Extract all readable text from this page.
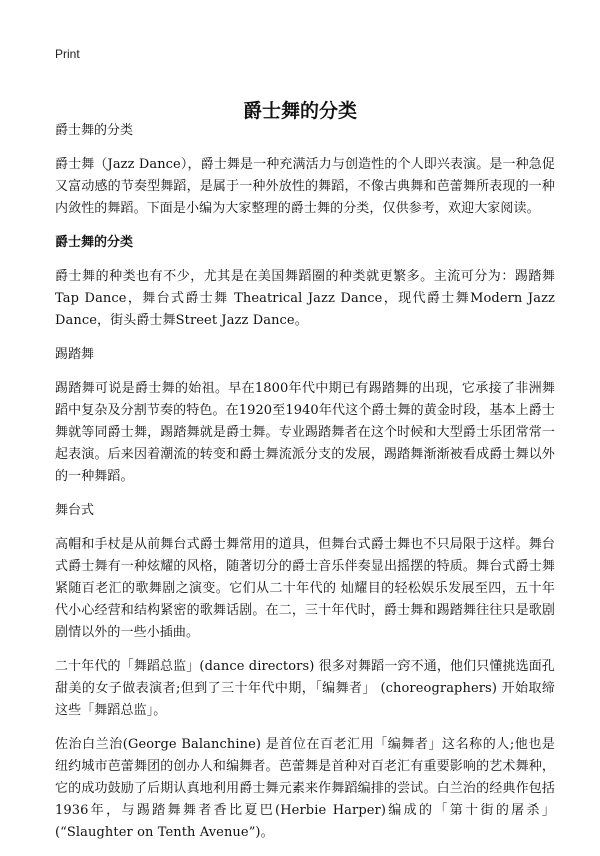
Print
爵士舞的分类
爵士舞的分类

爵士舞（Jazz Dance），爵士舞是一种充满活力与创造性的个人即兴表演。是一种急促又富动感的节奏型舞蹈，是属于一种外放性的舞蹈，不像古典舞和芭蕾舞所表现的一种内敛性的舞蹈。下面是小编为大家整理的爵士舞的分类，仅供参考，欢迎大家阅读。

爵士舞的分类

爵士舞的种类也有不少，尤其是在美国舞蹈圈的种类就更繁多。主流可分为：踢踏舞 Tap Dance，舞台式爵士舞 Theatrical Jazz Dance，现代爵士舞Modern Jazz Dance，街头爵士舞Street Jazz Dance。

踢踏舞

踢踏舞可说是爵士舞的始祖。早在1800年代中期已有踢踏舞的出现，它承接了非洲舞蹈中复杂及分割节奏的特色。在1920至1940年代这个爵士舞的黄金时段，基本上爵士舞就等同爵士舞，踢踏舞就是爵士舞。专业踢踏舞者在这个时候和大型爵士乐团常常一起表演。后来因着潮流的转变和爵士舞流派分支的发展，踢踏舞渐渐被看成爵士舞以外的一种舞蹈。

舞台式

高帽和手杖是从前舞台式爵士舞常用的道具，但舞台式爵士舞也不只局限于这样。舞台式爵士舞有一种炫耀的风格，随著切分的爵士音乐伴奏显出摇摆的特质。舞台式爵士舞紧随百老汇的歌舞剧之演变。它们从二十年代的 灿耀目的轻松娱乐发展至四，五十年代小心经营和结构紧密的歌舞话剧。在二，三十年代时，爵士舞和踢踏舞往往只是歌剧剧情以外的一些小插曲。

二十年代的「舞蹈总监」(dance directors) 很多对舞蹈一窍不通，他们只懂挑选面孔甜美的女子做表演者;但到了三十年代中期，「编舞者」 (choreographers) 开始取缔这些「舞蹈总监」。

佐治白兰治(George Balanchine) 是首位在百老汇用「编舞者」这名称的人;他也是纽约城市芭蕾舞团的创办人和编舞者。芭蕾舞是首种对百老汇有重要影响的艺术舞种，它的成功鼓励了后期认真地利用爵士舞元素来作舞蹈编排的尝试。白兰治的经典作包括1936年，与踢踏舞舞者香比夏巴(Herbie Harper)编成的「第十街的屠杀」(“Slaughter on Tenth Avenue”)。
